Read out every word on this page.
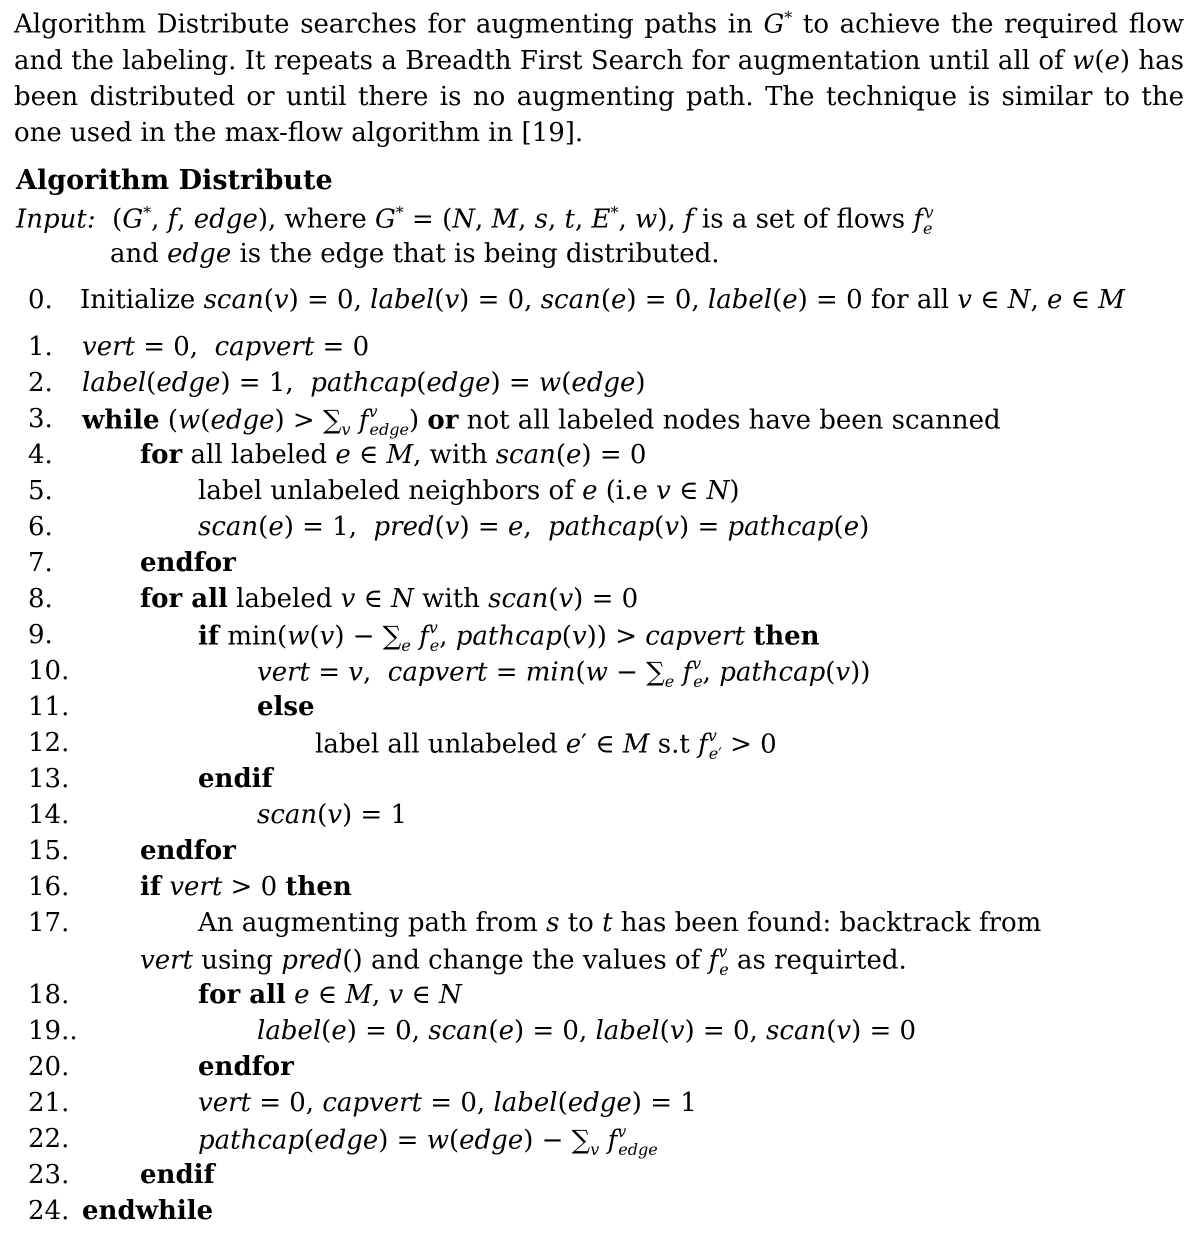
Algorithm Distribute searches for augmenting paths in G* to achieve the required flow and the labeling. It repeats a Breadth First Search for augmentation until all of w(e) has been distributed or until there is no augmenting path. The technique is similar to the one used in the max-flow algorithm in [19].

Algorithm Distribute
Input:  (G*, f, edge), where G* = (N, M, s, t, E*, w), f is a set of flows $f_e^v$
and edge is the edge that is being distributed.
0. Initialize scan(v) = 0, label(v) = 0, scan(e) = 0, label(e) = 0 for all v ∈ N, e ∈ M
1. vert = 0,  capvert = 0
2. label(edge) = 1,  pathcap(edge) = w(edge)
3. while (w(edge) > $\sum_v$ $f^v_{edge}$) or not all labeled nodes have been scanned
4.	for all labeled e ∈ M, with scan(e) = 0
5.	label unlabeled neighbors of e (i.e v ∈ N)
6.	scan(e) = 1,  pred(v) = e,  pathcap(v) = pathcap(e)
7.	endfor
8.	for all labeled v ∈ N with scan(v) = 0
9.	if $\min(w(v) - \sum_e$ $f^v_e$, pathcap(v)) > capvert then
10.	vert = v,  capvert = $\min(w - \sum_e$ $f^v_e$, pathcap(v))
11.	else
12.	label all unlabeled e′ ∈ M s.t $f^v_{e'} > 0$
13.	endif
14.	scan(v) = 1
15.	endfor
16.	if vert > 0 then
17.	An augmenting path from s to t has been found: backtrack from
vert using pred() and change the values of $f^v_e$ as requirted.
18.	for all e ∈ M, v ∈ N
19..	label(e) = 0, scan(e) = 0, label(v) = 0, scan(v) = 0
20.	endfor
21.	vert = 0, capvert = 0, label(edge) = 1
22.	pathcap(edge) = w(edge) − $\sum_v$ $f^v_{edge}$
23.	endif
24. endwhile
